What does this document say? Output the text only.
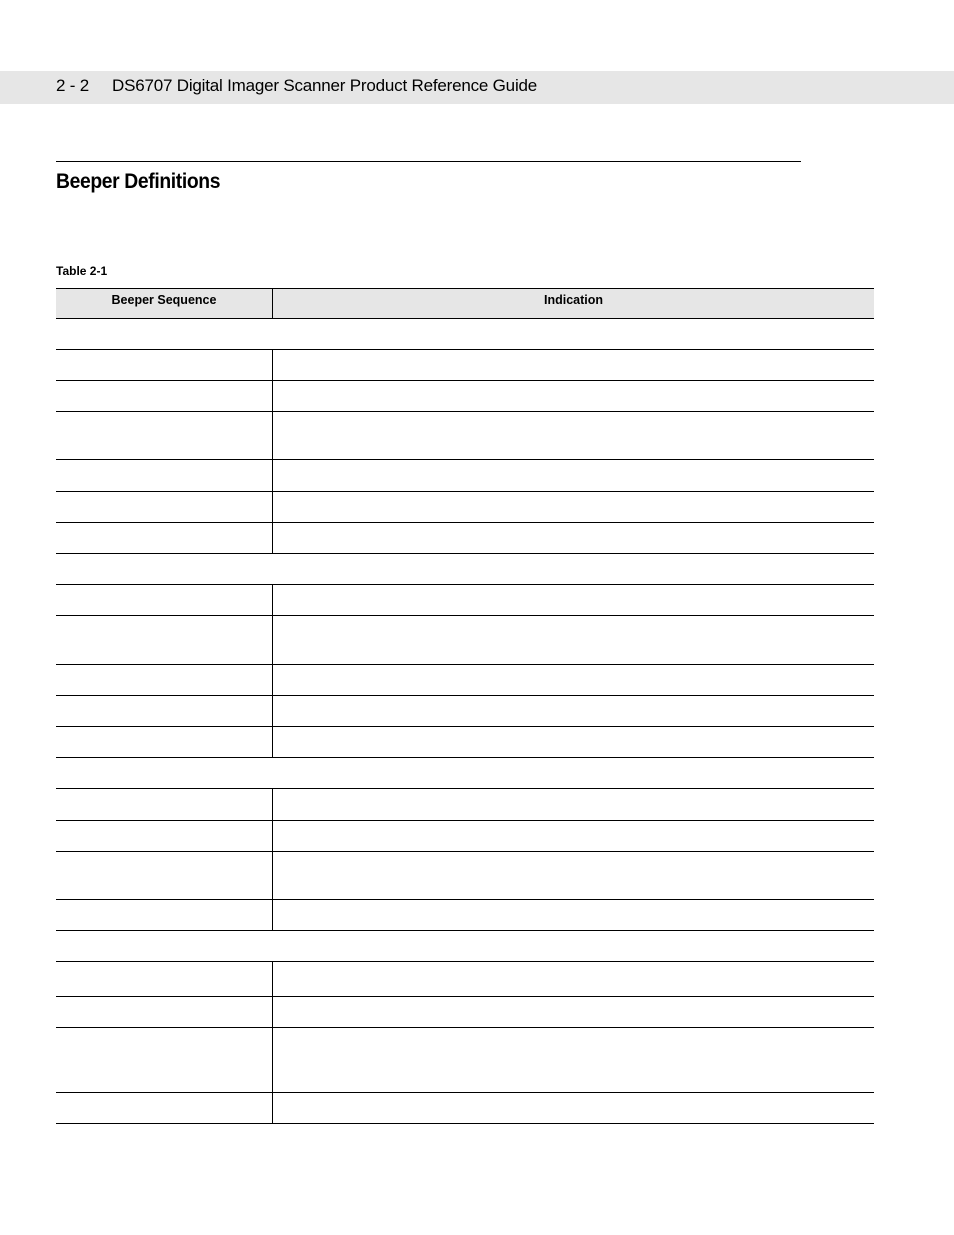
2 - 2 DS6707 Digital Imager Scanner Product Reference Guide
Beeper Definitions
Table 2-1
Beeper Sequence	Indication
